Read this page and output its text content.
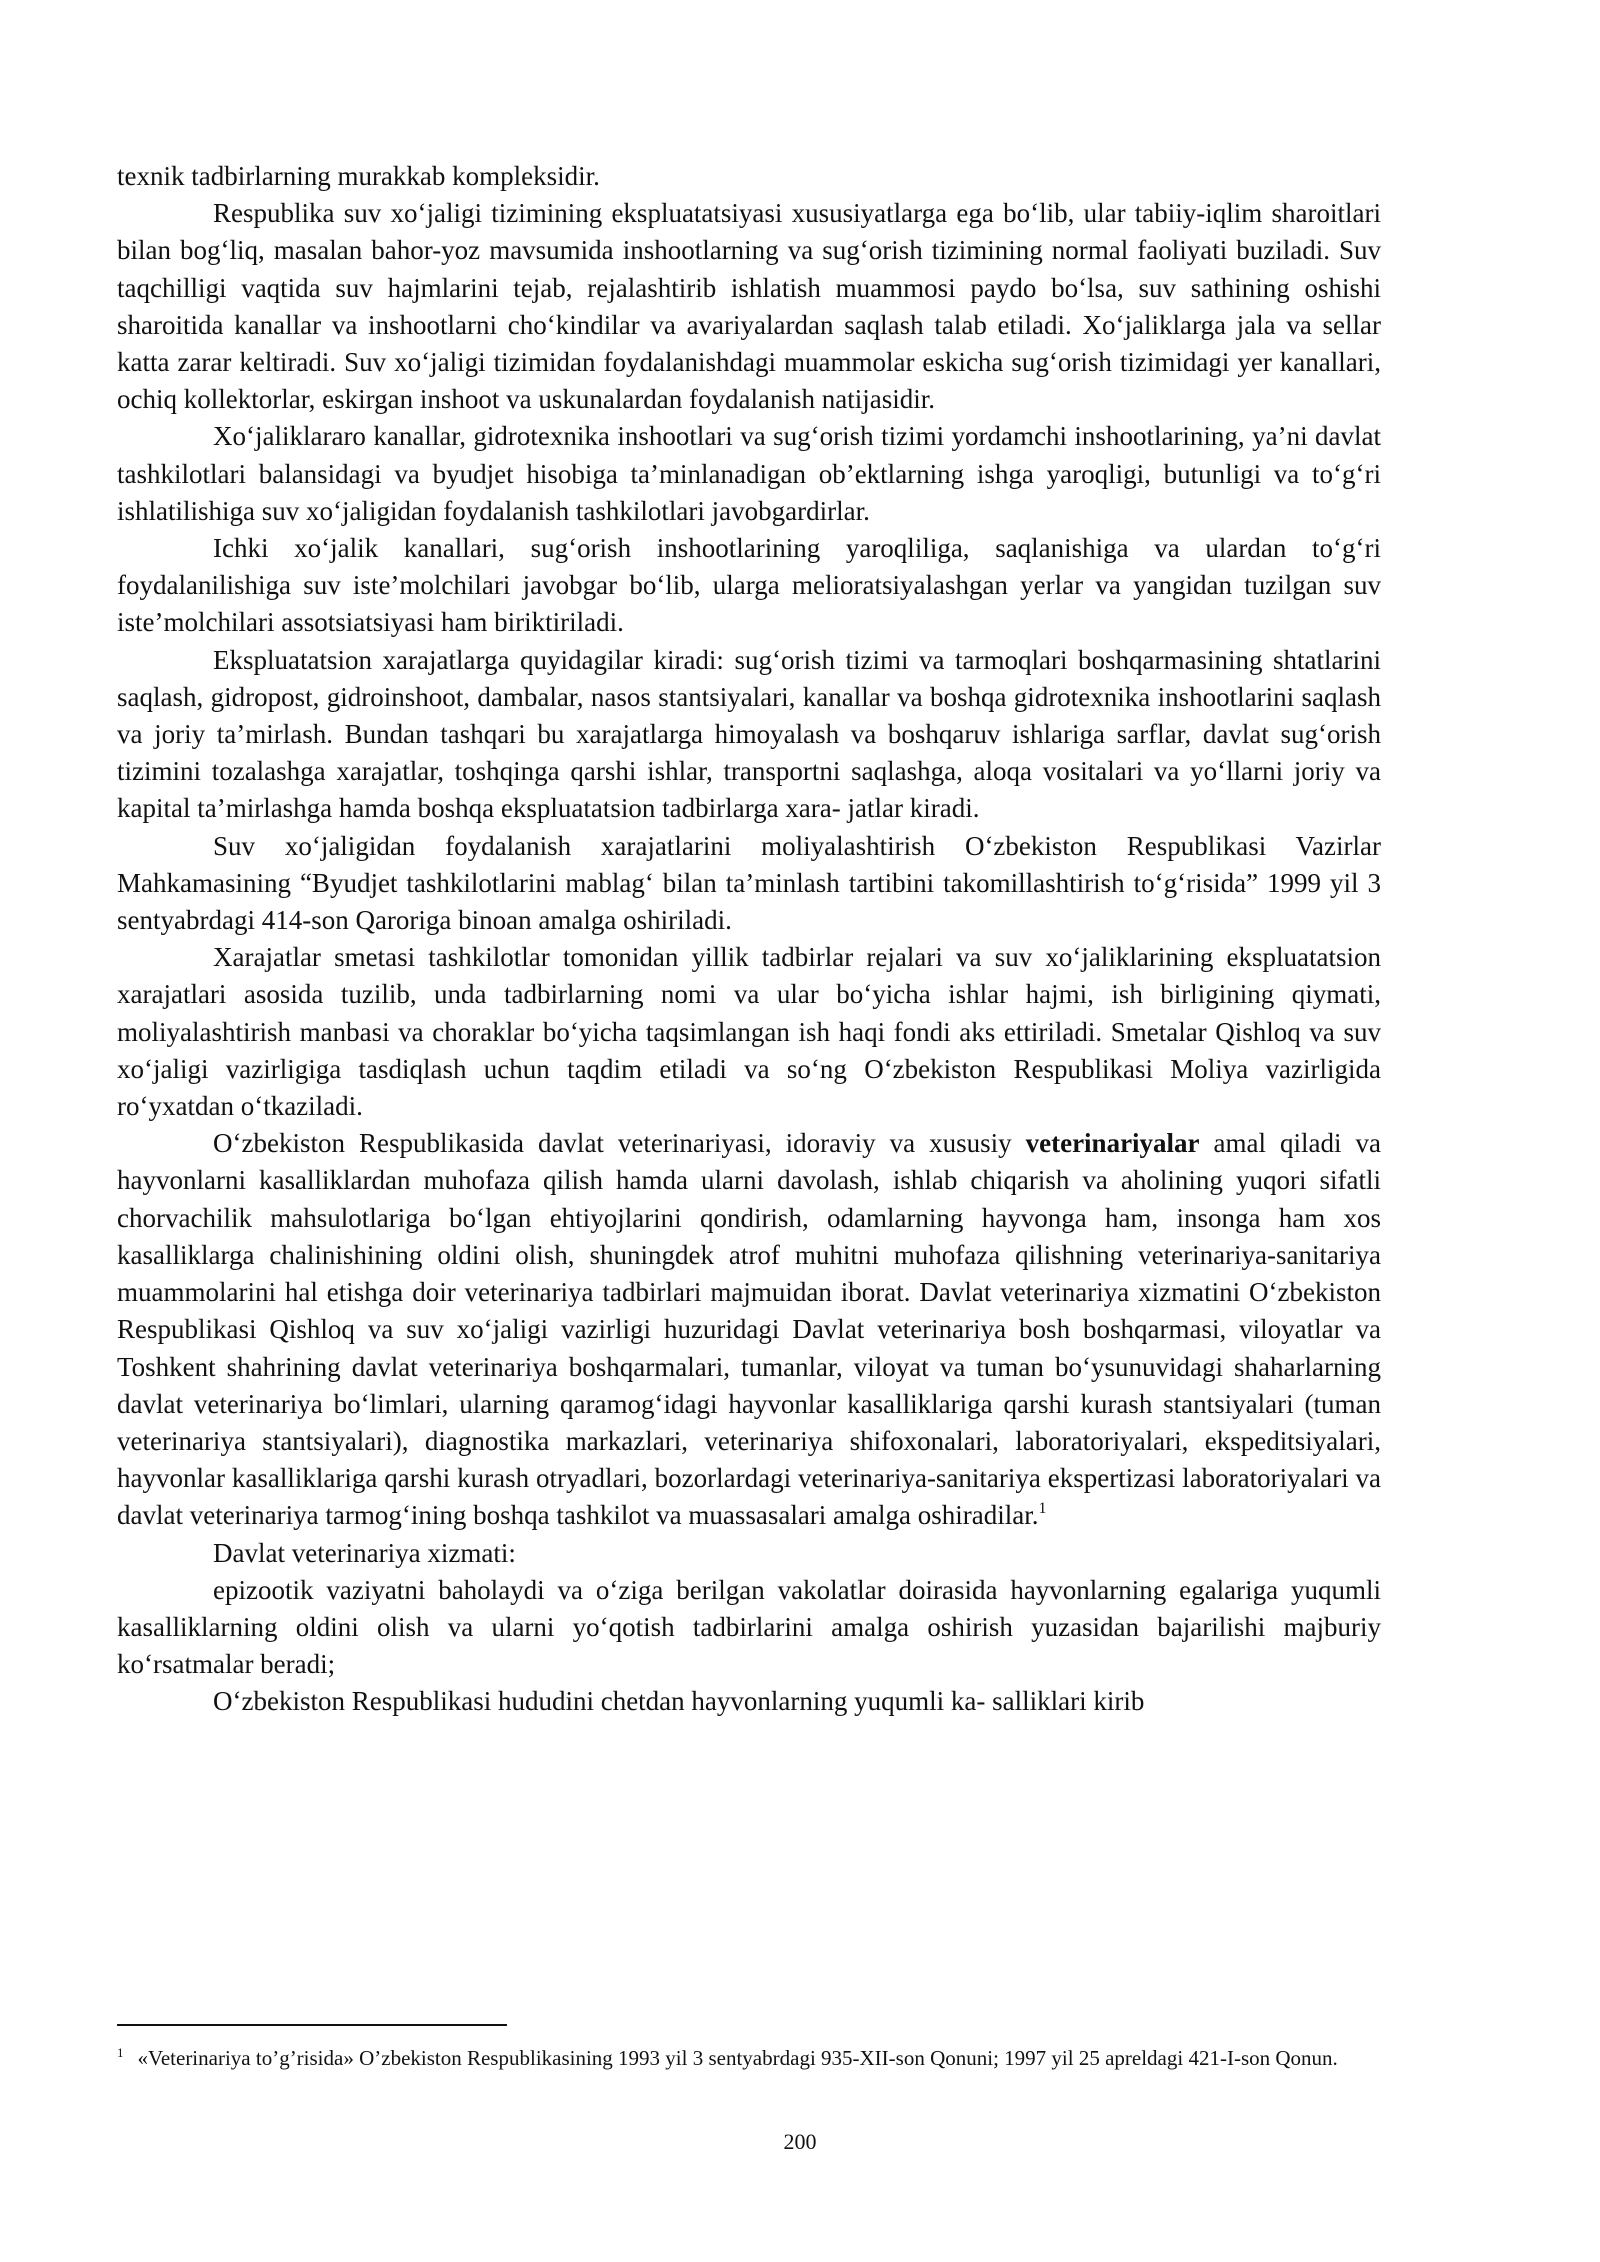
texnik tadbirlarning murakkab kompleksidir.

Respublika suv xo‘jaligi tizimining ekspluatatsiyasi xususiyatlarga ega bo‘lib, ular tabiiy-iqlim sharoitlari bilan bog‘liq, masalan bahor-yoz mavsumida inshootlarning va sug‘orish tizimining normal faoliyati buziladi. Suv taqchilligi vaqtida suv hajmlarini tejab, rejalashtirib ishlatish muammosi paydo bo‘lsa, suv sathining oshishi sharoitida kanallar va inshootlarni cho‘kindilar va avariyalardan saqlash talab etiladi. Xo‘jaliklarga jala va sellar katta zarar keltiradi. Suv xo‘jaligi tizimidan foydalanishdagi muammolar eskicha sug‘orish tizimidagi yer kanallari, ochiq kollektorlar, eskirgan inshoot va uskunalardan foydalanish natijasidir.

Xo‘jaliklararo kanallar, gidrotexnika inshootlari va sug‘orish tizimi yordamchi inshootlarining, ya’ni davlat tashkilotlari balansidagi va byudjet hisobiga ta’minlanadigan ob’ektlarning ishga yaroqligi, butunligi va to‘g‘ri ishlatilishiga suv xo‘jaligidan foydalanish tashkilotlari javobgardirlar.

Ichki xo‘jalik kanallari, sug‘orish inshootlarining yaroqliliga, saqlanishiga va ulardan to‘g‘ri foydalanilishiga suv iste’molchilari javobgar bo‘lib, ularga melioratsiyalashgan yerlar va yangidan tuzilgan suv iste’molchilari assotsiatsiyasi ham biriktiriladi.

Ekspluatatsion xarajatlarga quyidagilar kiradi: sug‘orish tizimi va tarmoqlari boshqarmasining shtatlarini saqlash, gidropost, gidroinshoot, dambalar, nasos stantsiyalari, kanallar va boshqa gidrotexnika inshootlarini saqlash va joriy ta’mirlash. Bundan tashqari bu xarajatlarga himoyalash va boshqaruv ishlariga sarflar, davlat sug‘orish tizimini tozalashga xarajatlar, toshqinga qarshi ishlar, transportni saqlashga, aloqa vositalari va yo‘llarni joriy va kapital ta’mirlashga hamda boshqa ekspluatatsion tadbirlarga xara- jatlar kiradi.

Suv xo‘jaligidan foydalanish xarajatlarini moliyalashtirish O‘zbekiston Respublikasi Vazirlar Mahkamasining “Byudjet tashkilotlarini mablag‘ bilan ta’minlash tartibini takomillashtirish to‘g‘risida” 1999 yil 3 sentyabrdagi 414-son Qaroriga binoan amalga oshiriladi.

Xarajatlar smetasi tashkilotlar tomonidan yillik tadbirlar rejalari va suv xo‘jaliklarining ekspluatatsion xarajatlari asosida tuzilib, unda tadbirlarning nomi va ular bo‘yicha ishlar hajmi, ish birligining qiymati, moliyalashtirish manbasi va choraklar bo‘yicha taqsimlangan ish haqi fondi aks ettiriladi. Smetalar Qishloq va suv xo‘jaligi vazirligiga tasdiqlash uchun taqdim etiladi va so‘ng O‘zbekiston Respublikasi Moliya vazirligida ro‘yxatdan o‘tkaziladi.

O‘zbekiston Respublikasida davlat veterinariyasi, idoraviy va xususiy veterinariyalar amal qiladi va hayvonlarni kasalliklardan muhofaza qilish hamda ularni davolash, ishlab chiqarish va aholining yuqori sifatli chorvachilik mahsulotlariga bo‘lgan ehtiyojlarini qondirish, odamlarning hayvonga ham, insonga ham xos kasalliklarga chalinishining oldini olish, shuningdek atrof muhitni muhofaza qilishning veterinariya-sanitariya muammolarini hal etishga doir veterinariya tadbirlari majmuidan iborat. Davlat veterinariya xizmatini O‘zbekiston Respublikasi Qishloq va suv xo‘jaligi vazirligi huzuridagi Davlat veterinariya bosh boshqarmasi, viloyatlar va Toshkent shahrining davlat veterinariya boshqarmalari, tumanlar, viloyat va tuman bo‘ysunuvidagi shaharlarning davlat veterinariya bo‘limlari, ularning qaramog‘idagi hayvonlar kasalliklariga qarshi kurash stantsiyalari (tuman veterinariya stantsiyalari), diagnostika markazlari, veterinariya shifoxonalari, laboratoriyalari, ekspeditsiyalari, hayvonlar kasalliklariga qarshi kurash otryadlari, bozorlardagi veterinariya-sanitariya ekspertizasi laboratoriyalari va davlat veterinariya tarmog‘ining boshqa tashkilot va muassasalari amalga oshiradilar.$^1$

Davlat veterinariya xizmati:

epizootik vaziyatni baholaydi va o‘ziga berilgan vakolatlar doirasida hayvonlarning egalariga yuqumli kasalliklarning oldini olish va ularni yo‘qotish tadbirlarini amalga oshirish yuzasidan bajarilishi majburiy ko‘rsatmalar beradi;

O‘zbekiston Respublikasi hududini chetdan hayvonlarning yuqumli ka- salliklari kirib

$^1$ «Veterinariya to’g’risida» O’zbekiston Respublikasining 1993 yil 3 sentyabrdagi 935-XII-son Qonuni; 1997 yil 25 apreldagi 421-I-son Qonun.

200
